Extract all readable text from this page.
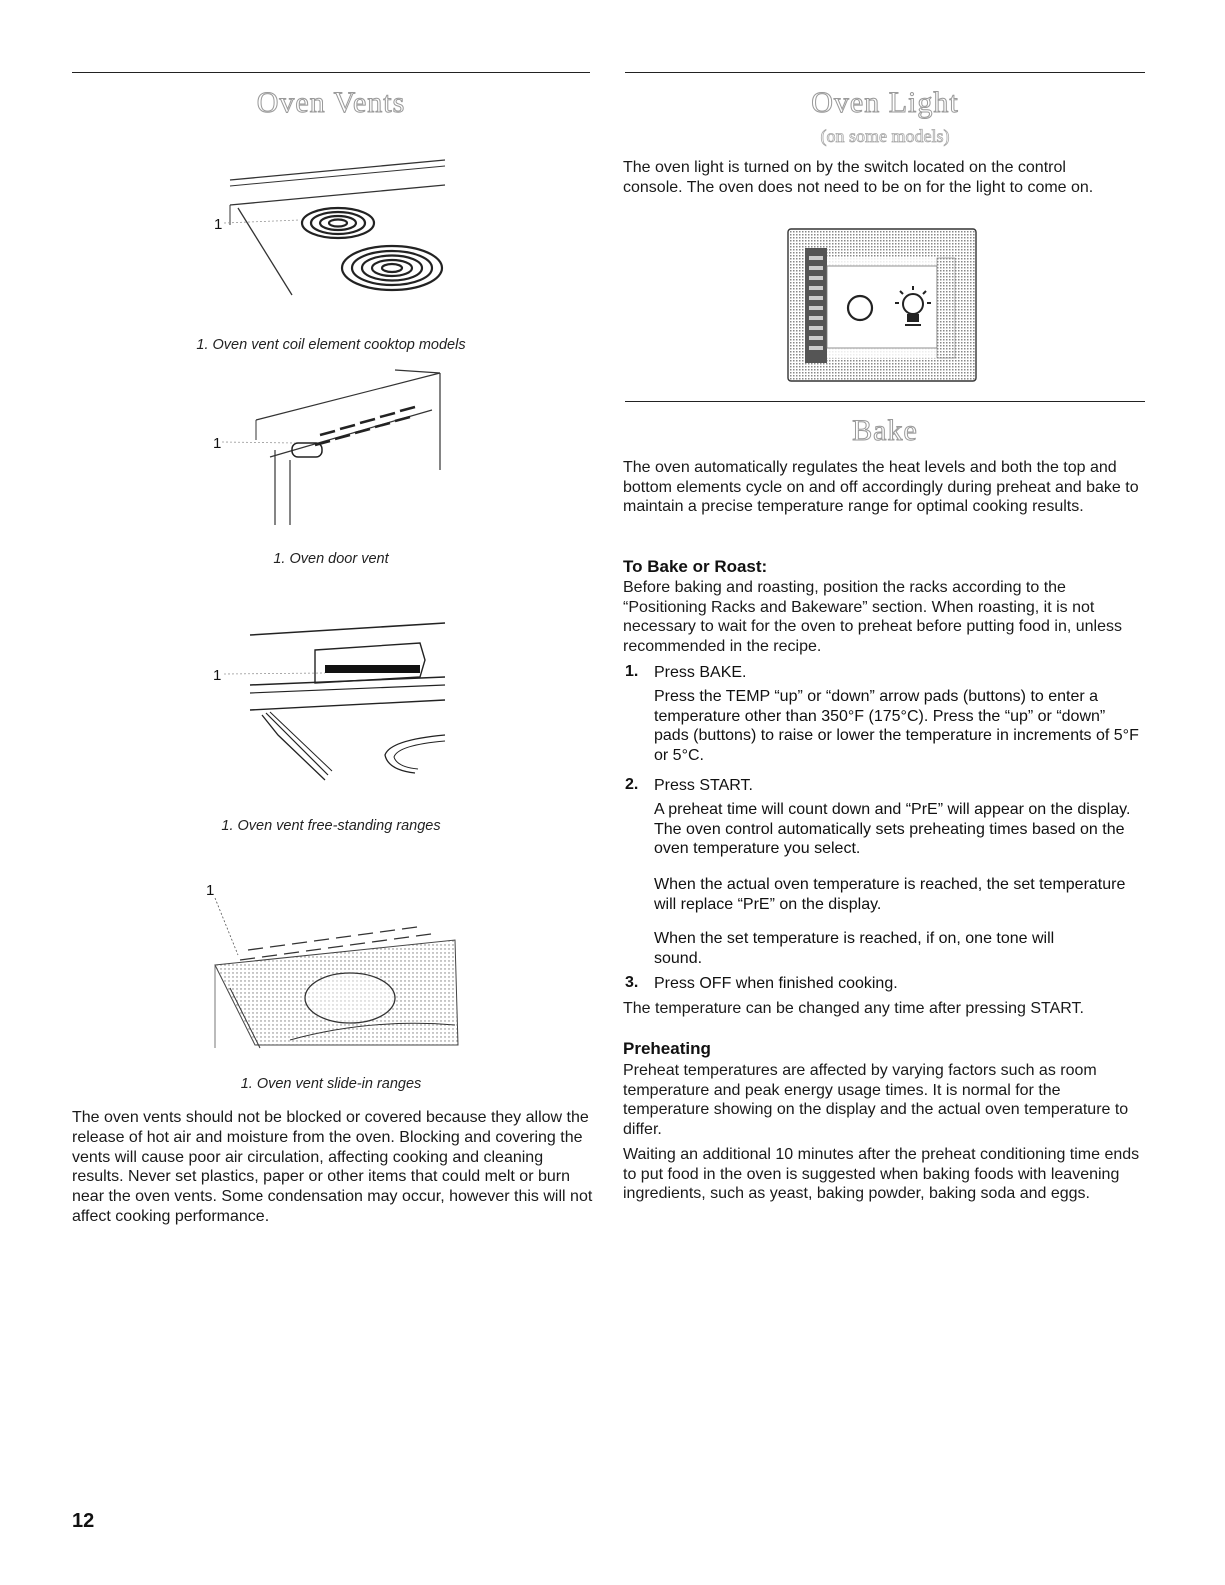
Oven Vents
1
1. Oven vent coil element cooktop models
1
1. Oven door vent
1
1. Oven vent free-standing ranges
1
1. Oven vent slide-in ranges

The oven vents should not be blocked or covered because they allow the release of hot air and moisture from the oven. Blocking and covering the vents will cause poor air circulation, affecting cooking and cleaning results. Never set plastics, paper or other items that could melt or burn near the oven vents. Some condensation may occur, however this will not affect cooking performance.

Oven Light
(on some models)

The oven light is turned on by the switch located on the control console. The oven does not need to be on for the light to come on.

Bake

The oven automatically regulates the heat levels and both the top and bottom elements cycle on and off accordingly during preheat and bake to maintain a precise temperature range for optimal cooking results.

To Bake or Roast:

Before baking and roasting, position the racks according to the “Positioning Racks and Bakeware” section. When roasting, it is not necessary to wait for the oven to preheat before putting food in, unless recommended in the recipe.

1. Press BAKE.
Press the TEMP “up” or “down” arrow pads (buttons) to enter a temperature other than 350°F (175°C). Press the “up” or “down” pads (buttons) to raise or lower the temperature in increments of 5°F or 5°C.
2. Press START.
A preheat time will count down and “PrE” will appear on the display. The oven control automatically sets preheating times based on the oven temperature you select.
When the actual oven temperature is reached, the set temperature will replace “PrE” on the display.
When the set temperature is reached, if on, one tone will sound.
3. Press OFF when finished cooking.

The temperature can be changed any time after pressing START.

Preheating

Preheat temperatures are affected by varying factors such as room temperature and peak energy usage times. It is normal for the temperature showing on the display and the actual oven temperature to differ.

Waiting an additional 10 minutes after the preheat conditioning time ends to put food in the oven is suggested when baking foods with leavening ingredients, such as yeast, baking powder, baking soda and eggs.

12
